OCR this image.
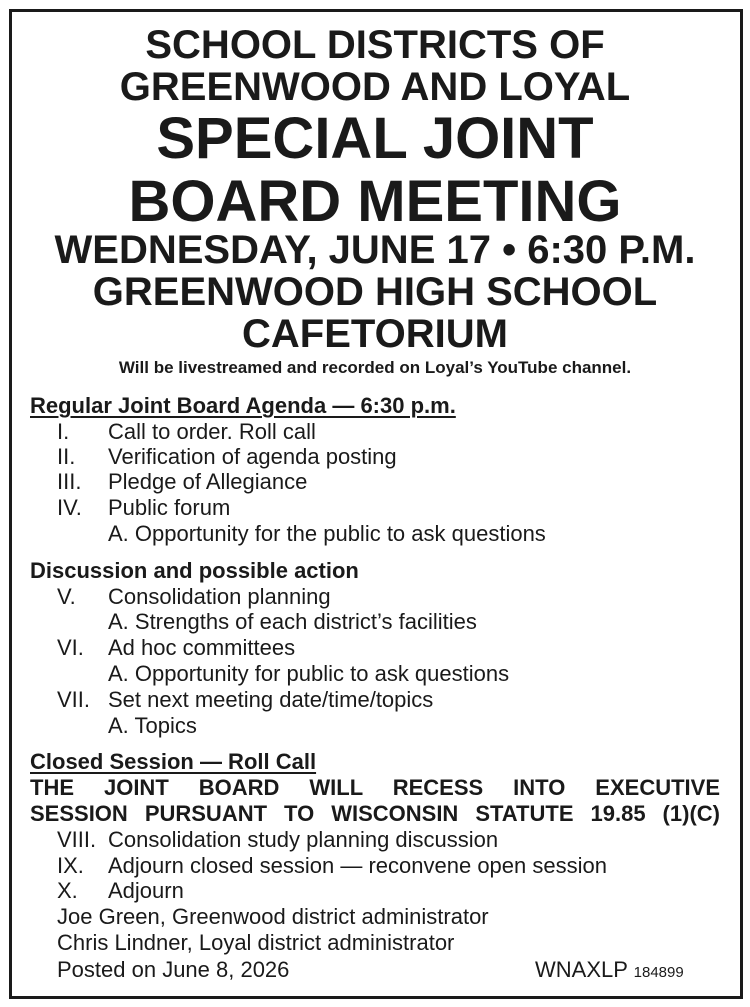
SCHOOL DISTRICTS OF
GREENWOOD AND LOYAL
SPECIAL JOINT
BOARD MEETING
WEDNESDAY, JUNE 17 • 6:30 P.M.
GREENWOOD HIGH SCHOOL
CAFETORIUM
Will be livestreamed and recorded on Loyal’s YouTube channel.
Regular Joint Board Agenda — 6:30 p.m.
I. Call to order. Roll call
II. Verification of agenda posting
III. Pledge of Allegiance
IV. Public forum
A. Opportunity for the public to ask questions
Discussion and possible action
V. Consolidation planning
A. Strengths of each district’s facilities
VI. Ad hoc committees
A. Opportunity for public to ask questions
VII. Set next meeting date/time/topics
A. Topics
Closed Session — Roll Call
THE JOINT BOARD WILL RECESS INTO EXECUTIVE
SESSION PURSUANT TO WISCONSIN STATUTE 19.85 (1)(C)
VIII. Consolidation study planning discussion
IX. Adjourn closed session — reconvene open session
X. Adjourn
Joe Green, Greenwood district administrator
Chris Lindner, Loyal district administrator
Posted on June 8, 2026	WNAXLP 184899
